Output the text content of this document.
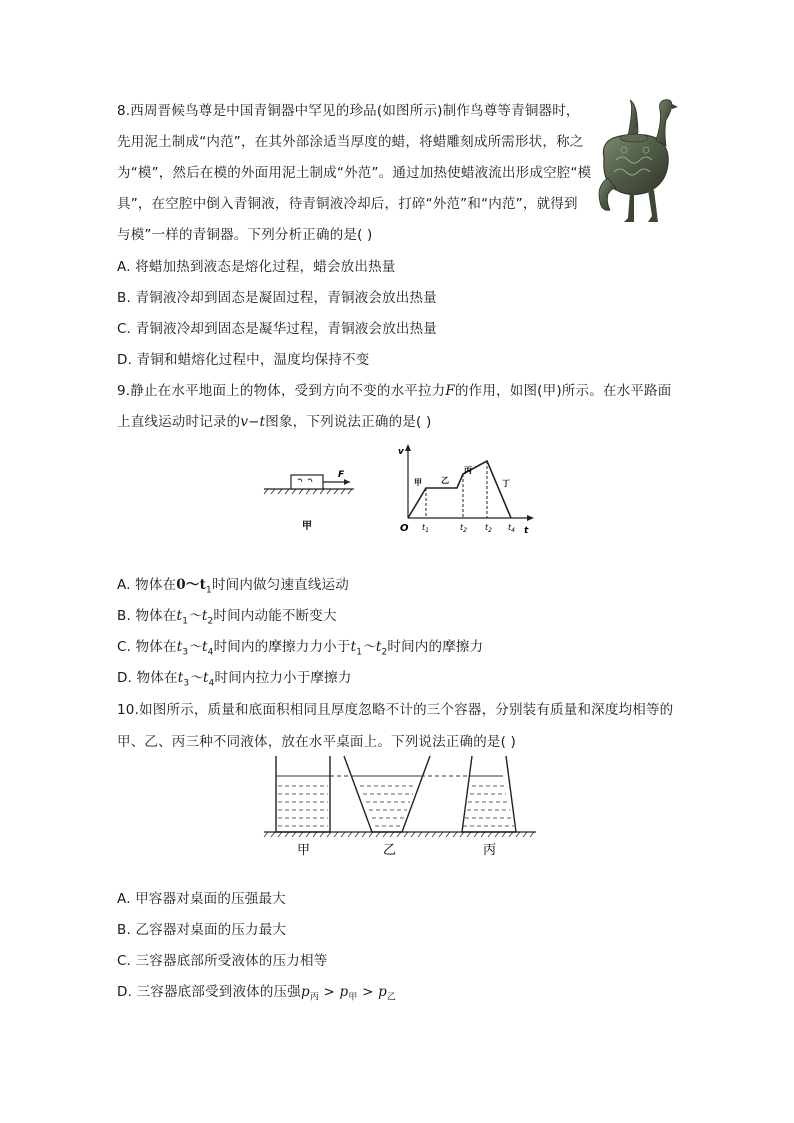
8.西周晋候鸟尊是中国青铜器中罕见的珍品(如图所示)制作鸟尊等青铜器时，
先用泥土制成“内范”，在其外部涂适当厚度的蜡，将蜡雕刻成所需形状，称之
为“模”，然后在模的外面用泥土制成“外范”。通过加热使蜡液流出形成空腔“模
具”，在空腔中倒入青铜液，待青铜液冷却后，打碎“外范”和“内范”，就得到
与模”一样的青铜器。下列分析正确的是( )
A. 将蜡加热到液态是熔化过程，蜡会放出热量
B. 青铜液冷却到固态是凝固过程，青铜液会放出热量
C. 青铜液冷却到固态是凝华过程，青铜液会放出热量
D. 青铜和蜡熔化过程中，温度均保持不变
9.静止在水平地面上的物体，受到方向不变的水平拉力F的作用，如图(甲)所示。在水平路面
上直线运动时记录的v−t图象，下列说法正确的是( )
F
甲
v
t
O
甲 乙
丙
丁
$t_1$	$t_2$ $t_2$ $t_4$
A. 物体在$0\sim t_1$时间内做匀速直线运动
B. 物体在$t_1\sim t_2$时间内动能不断变大
C. 物体在$t_3\sim t_4$时间内的摩擦力力小于$t_1\sim t_2$时间内的摩擦力
D. 物体在$t_3\sim t_4$时间内拉力小于摩擦力
10.如图所示，质量和底面积相同且厚度忽略不计的三个容器，分别装有质量和深度均相等的
甲、乙、丙三种不同液体，放在水平桌面上。下列说法正确的是( )
甲	乙	丙
A. 甲容器对桌面的压强最大
B. 乙容器对桌面的压力最大
C. 三容器底部所受液体的压力相等
D. 三容器底部受到液体的压强$p_丙 > p_甲 > p_乙$
